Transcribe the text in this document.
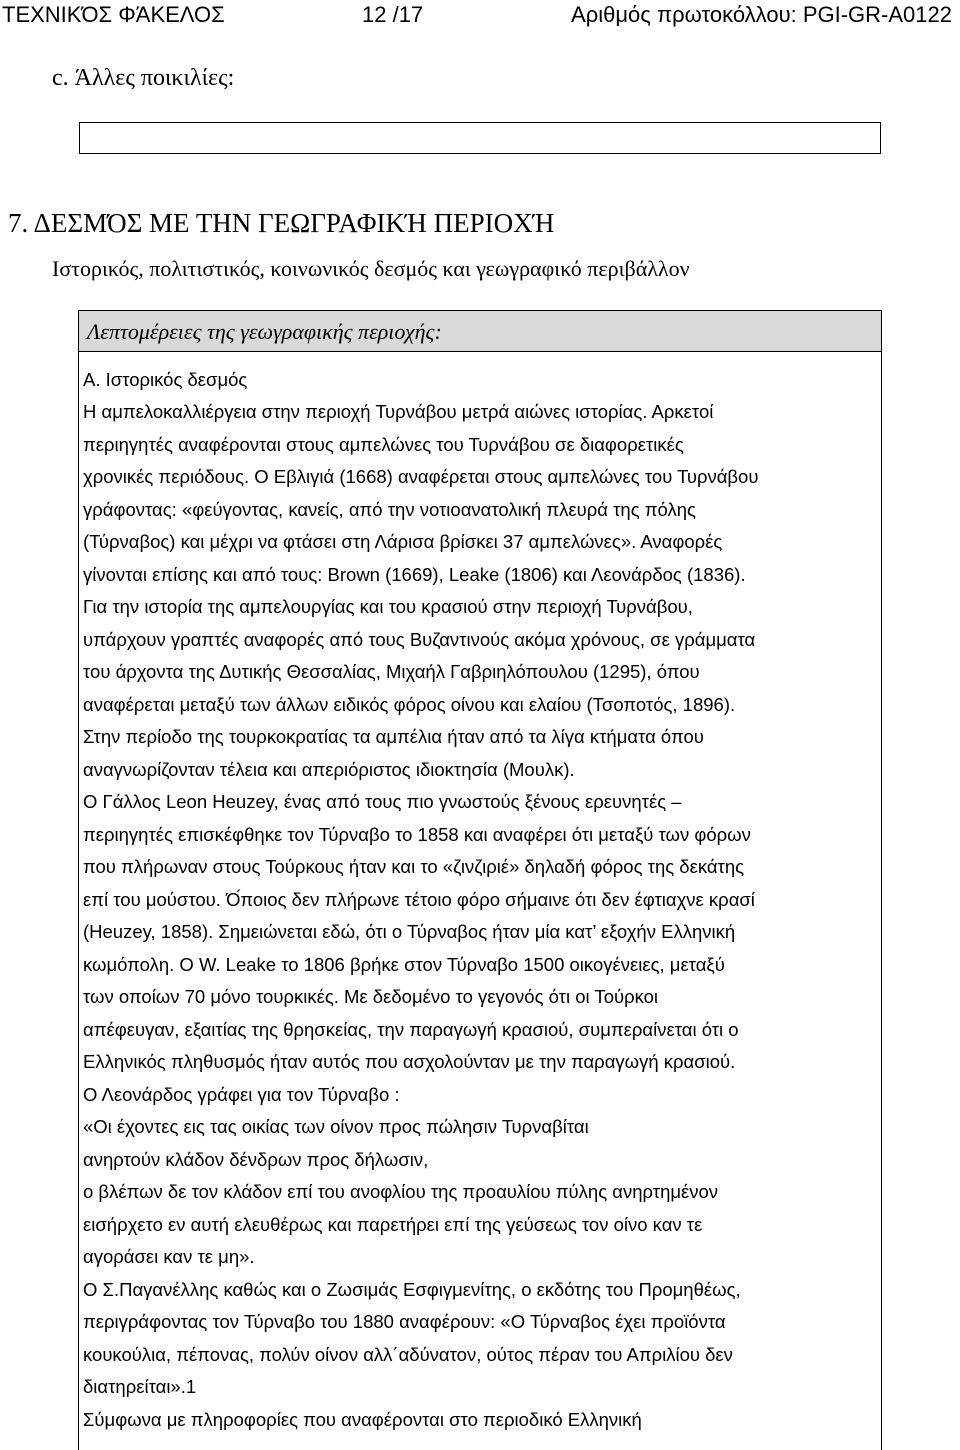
ΤΕΧΝΙΚΌΣ ΦΆΚΕΛΟΣ	12 /17	Αριθμός πρωτοκόλλου: PGI-GR-A0122
c. Άλλες ποικιλίες:
7. ΔΕΣΜΌΣ ΜΕ ΤΗΝ ΓΕΩΓΡΑΦΙΚΉ ΠΕΡΙΟΧΉ
Ιστορικός, πολιτιστικός, κοινωνικός δεσμός και γεωγραφικό περιβάλλον
Λεπτομέρειες της γεωγραφικής περιοχής:
Α. Ιστορικός δεσμός
Η αμπελοκαλλιέργεια στην περιοχή Τυρνάβου μετρά αιώνες ιστορίας. Αρκετοί
περιηγητές αναφέρονται στους αμπελώνες του Τυρνάβου σε διαφορετικές
χρονικές περιόδους. Ο Εβλιγιά (1668) αναφέρεται στους αμπελώνες του Τυρνάβου
γράφοντας: «φεύγοντας, κανείς, από την νοτιοανατολική πλευρά της πόλης
(Τύρναβος) και μέχρι να φτάσει στη Λάρισα βρίσκει 37 αμπελώνες». Αναφορές
γίνονται επίσης και από τους: Brown (1669), Leake (1806) και Λεονάρδος (1836).
Για την ιστορία της αμπελουργίας και του κρασιού στην περιοχή Τυρνάβου,
υπάρχουν γραπτές αναφορές από τους Βυζαντινούς ακόμα χρόνους, σε γράμματα
του άρχοντα της Δυτικής Θεσσαλίας, Μιχαήλ Γαβριηλόπουλου (1295), όπου
αναφέρεται μεταξύ των άλλων ειδικός φόρος οίνου και ελαίου (Τσοποτός, 1896).
Στην περίοδο της τουρκοκρατίας τα αμπέλια ήταν από τα λίγα κτήματα όπου
αναγνωρίζονταν τέλεια και απεριόριστος ιδιοκτησία (Μουλκ).
Ο Γάλλος Leon Heuzey, ένας από τους πιο γνωστούς ξένους ερευνητές –
περιηγητές επισκέφθηκε τον Τύρναβο το 1858 και αναφέρει ότι μεταξύ των φόρων
που πλήρωναν στους Τούρκους ήταν και το «ζινζιριέ» δηλαδή φόρος της δεκάτης
επί του μούστου. Ό́ποιος δεν πλήρωνε τέτοιο φόρο σήμαινε ότι δεν έφτιαχνε κρασί
(Heuzey, 1858). Σημειώνεται εδώ, ότι ο Τύρναβος ήταν μία κατ’ εξοχήν Ελληνική
κωμόπολη. Ο W. Leake το 1806 βρήκε στον Τύρναβο 1500 οικογένειες, μεταξύ
των οποίων 70 μόνο τουρκικές. Με δεδομένο το γεγονός ότι οι Τούρκοι
απέφευγαν, εξαιτίας της θρησκείας, την παραγωγή κρασιού, συμπεραίνεται ότι ο
Ελληνικός πληθυσμός ήταν αυτός που ασχολούνταν με την παραγωγή κρασιού.
Ο Λεονάρδος γράφει για τον Τύρναβο :
«Οι έχοντες εις τας οικίας των οίνον προς πώλησιν Τυρναβίται
ανηρτούν κλάδον δένδρων προς δήλωσιν,
ο βλέπων δε τον κλάδον επί του ανοφλίου της προαυλίου πύλης ανηρτημένον
εισήρχετο εν αυτή ελευθέρως και παρετήρει επί της γεύσεως τον οίνο καν τε
αγοράσει καν τε μη».
Ο Σ.Παγανέλλης καθώς και ο Ζωσιμάς Εσφιγμενίτης, ο εκδότης του Προμηθέως,
περιγράφοντας τον Τύρναβο του 1880 αναφέρουν: «Ο Τύρναβος έχει προϊόντα
κουκούλια, πέπονας, πολύν οίνον αλλ΄αδύνατον, ούτος πέραν του Απριλίου δεν
διατηρείται».1
Σύμφωνα με πληροφορίες που αναφέρονται στο περιοδικό Ελληνική
